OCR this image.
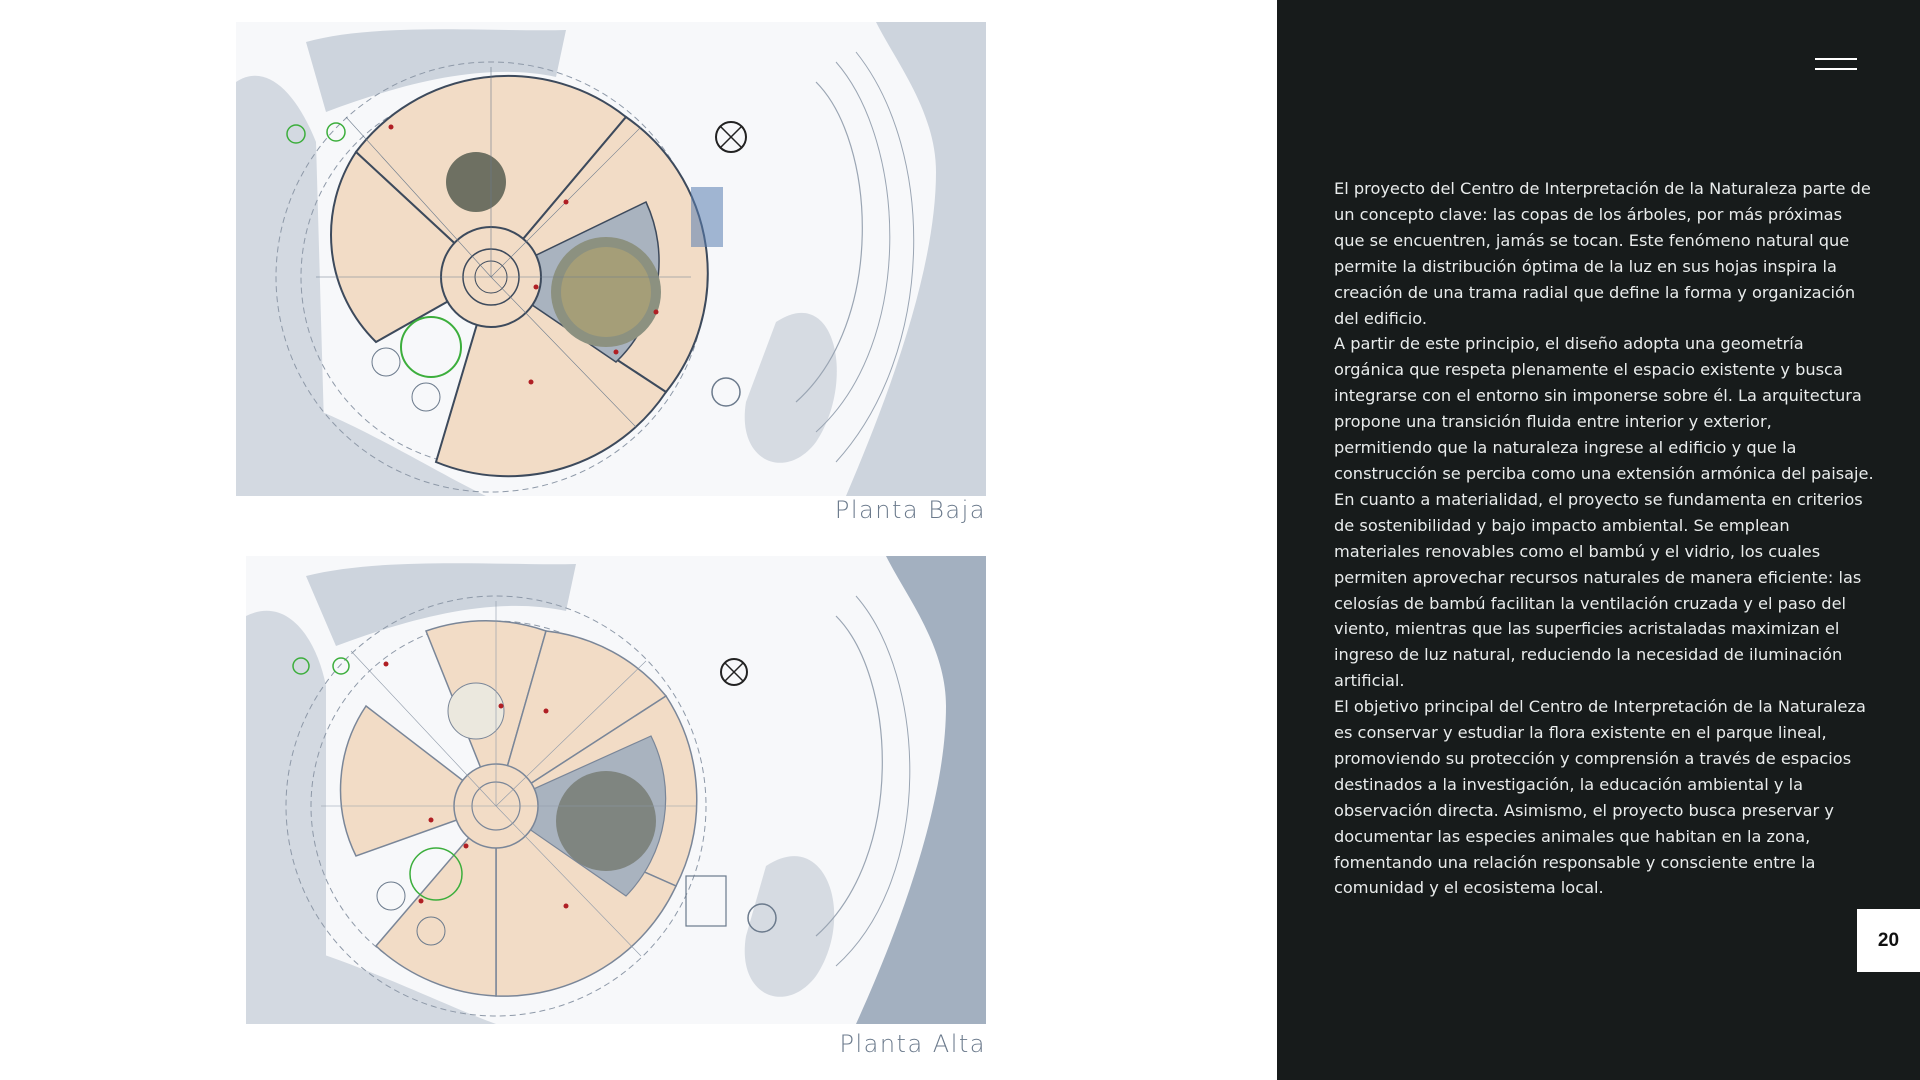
Planta Baja
Planta Alta

El proyecto del Centro de Interpretación de la Naturaleza parte de un concepto clave: las copas de los árboles, por más próximas que se encuentren, jamás se tocan. Este fenómeno natural que permite la distribución óptima de la luz en sus hojas inspira la creación de una trama radial que define la forma y organización del edificio.

A partir de este principio, el diseño adopta una geometría orgánica que respeta plenamente el espacio existente y busca integrarse con el entorno sin imponerse sobre él. La arquitectura propone una transición fluida entre interior y exterior, permitiendo que la naturaleza ingrese al edificio y que la construcción se perciba como una extensión armónica del paisaje.

En cuanto a materialidad, el proyecto se fundamenta en criterios de sostenibilidad y bajo impacto ambiental. Se emplean materiales renovables como el bambú y el vidrio, los cuales permiten aprovechar recursos naturales de manera eficiente: las celosías de bambú facilitan la ventilación cruzada y el paso del viento, mientras que las superficies acristaladas maximizan el ingreso de luz natural, reduciendo la necesidad de iluminación artificial.

El objetivo principal del Centro de Interpretación de la Naturaleza es conservar y estudiar la flora existente en el parque lineal, promoviendo su protección y comprensión a través de espacios destinados a la investigación, la educación ambiental y la observación directa. Asimismo, el proyecto busca preservar y documentar las especies animales que habitan en la zona, fomentando una relación responsable y consciente entre la comunidad y el ecosistema local.

20
